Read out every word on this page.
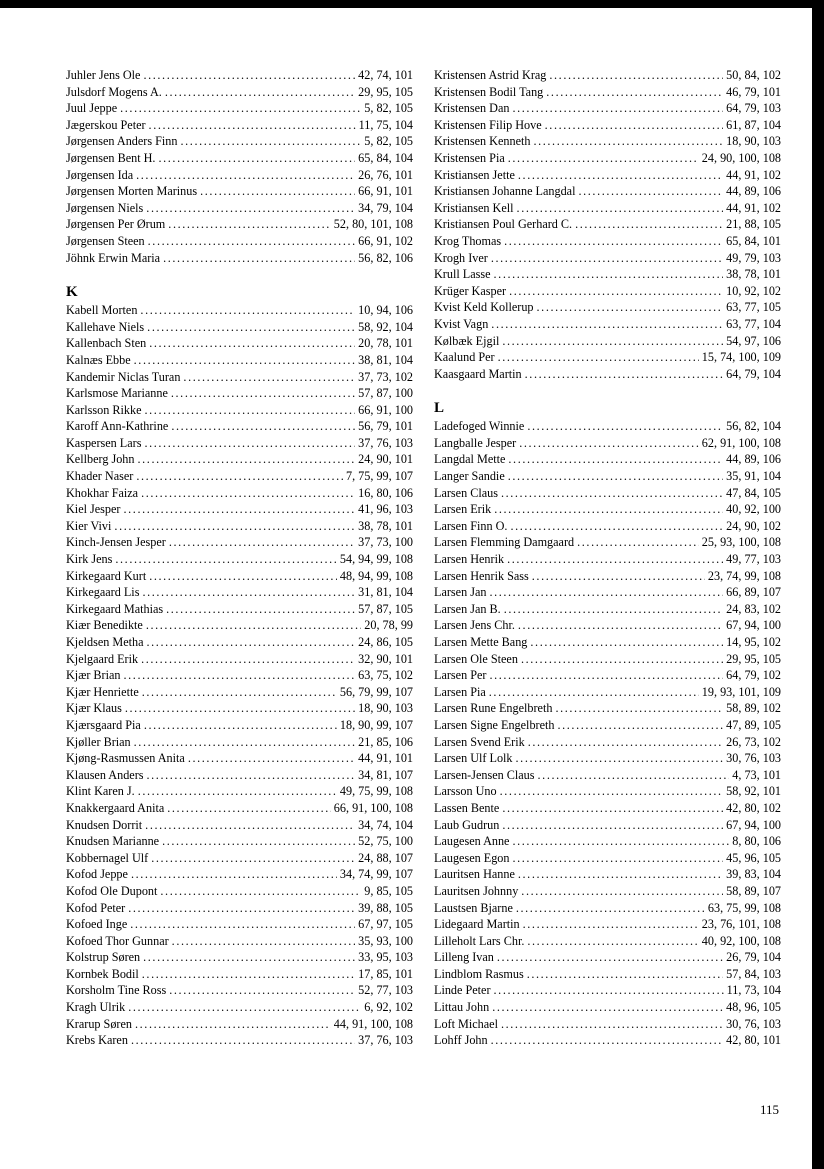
Juhler Jens Ole .....	42, 74, 101
Julsdorf Mogens A. .....	29, 95, 105
Juul Jeppe .....	5, 82, 105
Jægerskou Peter .....	11, 75, 104
Jørgensen Anders Finn .....	5, 82, 105
Jørgensen Bent H. .....	65, 84, 104
Jørgensen Ida .....	26, 76, 101
Jørgensen Morten Marinus .....	66, 91, 101
Jørgensen Niels .....	34, 79, 104
Jørgensen Per Ørum .....	52, 80, 101, 108
Jørgensen Steen .....	66, 91, 102
Jöhnk Erwin Maria .....	56, 82, 106
K
Kabell Morten .....	10, 94, 106
Kallehave Niels .....	58, 92, 104
Kallenbach Sten .....	20, 78, 101
Kalnæs Ebbe .....	38, 81, 104
Kandemir Niclas Turan .....	37, 73, 102
Karlsmose Marianne .....	57, 87, 100
Karlsson Rikke .....	66, 91, 100
Karoff Ann-Kathrine .....	56, 79, 101
Kaspersen Lars .....	37, 76, 103
Kellberg John .....	24, 90, 101
Khader Naser .....	7, 75, 99, 107
Khokhar Faiza .....	16, 80, 106
Kiel Jesper .....	41, 96, 103
Kier Vivi .....	38, 78, 101
Kinch-Jensen Jesper .....	37, 73, 100
Kirk Jens .....	54, 94, 99, 108
Kirkegaard Kurt .....	48, 94, 99, 108
Kirkegaard Lis .....	31, 81, 104
Kirkegaard Mathias .....	57, 87, 105
Kiær Benedikte .....	20, 78, 99
Kjeldsen Metha .....	24, 86, 105
Kjelgaard Erik .....	32, 90, 101
Kjær Brian .....	63, 75, 102
Kjær Henriette .....	56, 79, 99, 107
Kjær Klaus .....	18, 90, 103
Kjærsgaard Pia .....	18, 90, 99, 107
Kjøller Brian .....	21, 85, 106
Kjøng-Rasmussen Anita .....	44, 91, 101
Klausen Anders .....	34, 81, 107
Klint Karen J. .....	49, 75, 99, 108
Knakkergaard Anita .....	66, 91, 100, 108
Knudsen Dorrit .....	34, 74, 104
Knudsen Marianne .....	52, 75, 100
Kobbernagel Ulf .....	24, 88, 107
Kofod Jeppe .....	34, 74, 99, 107
Kofod Ole Dupont .....	9, 85, 105
Kofod Peter .....	39, 88, 105
Kofoed Inge .....	67, 97, 105
Kofoed Thor Gunnar .....	35, 93, 100
Kolstrup Søren .....	33, 95, 103
Kornbek Bodil .....	17, 85, 101
Korsholm Tine Ross .....	52, 77, 103
Kragh Ulrik .....	6, 92, 102
Krarup Søren .....	44, 91, 100, 108
Krebs Karen .....	37, 76, 103
Kristensen Astrid Krag .....	50, 84, 102
Kristensen Bodil Tang .....	46, 79, 101
Kristensen Dan .....	64, 79, 103
Kristensen Filip Hove .....	61, 87, 104
Kristensen Kenneth .....	18, 90, 103
Kristensen Pia .....	24, 90, 100, 108
Kristiansen Jette .....	44, 91, 102
Kristiansen Johanne Langdal .....	44, 89, 106
Kristiansen Kell .....	44, 91, 102
Kristiansen Poul Gerhard C. .....	21, 88, 105
Krog Thomas .....	65, 84, 101
Krogh Iver .....	49, 79, 103
Krull Lasse .....	38, 78, 101
Krüger Kasper .....	10, 92, 102
Kvist Keld Kollerup .....	63, 77, 105
Kvist Vagn .....	63, 77, 104
Kølbæk Ejgil .....	54, 97, 106
Kaalund Per .....	15, 74, 100, 109
Kaasgaard Martin .....	64, 79, 104
L
Ladefoged Winnie .....	56, 82, 104
Langballe Jesper .....	62, 91, 100, 108
Langdal Mette .....	44, 89, 106
Langer Sandie .....	35, 91, 104
Larsen Claus .....	47, 84, 105
Larsen Erik .....	40, 92, 100
Larsen Finn O. .....	24, 90, 102
Larsen Flemming Damgaard .....	25, 93, 100, 108
Larsen Henrik .....	49, 77, 103
Larsen Henrik Sass .....	23, 74, 99, 108
Larsen Jan .....	66, 89, 107
Larsen Jan B. .....	24, 83, 102
Larsen Jens Chr. .....	67, 94, 100
Larsen Mette Bang .....	14, 95, 102
Larsen Ole Steen .....	29, 95, 105
Larsen Per .....	64, 79, 102
Larsen Pia .....	19, 93, 101, 109
Larsen Rune Engelbreth .....	58, 89, 102
Larsen Signe Engelbreth .....	47, 89, 105
Larsen Svend Erik .....	26, 73, 102
Larsen Ulf Lolk .....	30, 76, 103
Larsen-Jensen Claus .....	4, 73, 101
Larsson Uno .....	58, 92, 101
Lassen Bente .....	42, 80, 102
Laub Gudrun .....	67, 94, 100
Laugesen Anne .....	8, 80, 106
Laugesen Egon .....	45, 96, 105
Lauritsen Hanne .....	39, 83, 104
Lauritsen Johnny .....	58, 89, 107
Laustsen Bjarne .....	63, 75, 99, 108
Lidegaard Martin .....	23, 76, 101, 108
Lilleholt Lars Chr. .....	40, 92, 100, 108
Lilleng Ivan .....	26, 79, 104
Lindblom Rasmus .....	57, 84, 103
Linde Peter .....	11, 73, 104
Littau John .....	48, 96, 105
Loft Michael .....	30, 76, 103
Lohff John .....	42, 80, 101
115
